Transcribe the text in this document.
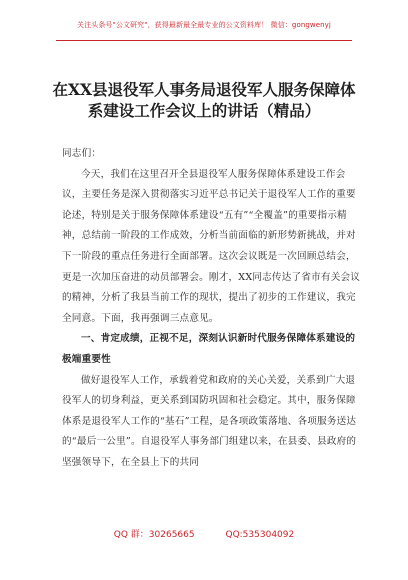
关注头条号"公文研究"，获得最新最全最专业的公文资料库！ 微信：gongwenyj
在XX县退役军人事务局退役军人服务保障体系建设工作会议上的讲话（精品）

同志们：

今天，我们在这里召开全县退役军人服务保障体系建设工作会议，主要任务是深入贯彻落实习近平总书记关于退役军人工作的重要论述，特别是关于服务保障体系建设“五有”“全覆盖”的重要指示精神，总结前一阶段的工作成效，分析当前面临的新形势新挑战，并对下一阶段的重点任务进行全面部署。这次会议既是一次回顾总结会，更是一次加压奋进的动员部署会。刚才，XX同志传达了省市有关会议的精神，分析了我县当前工作的现状，提出了初步的工作建议，我完全同意。下面，我再强调三点意见。

一、肯定成绩，正视不足，深刻认识新时代服务保障体系建设的极端重要性

做好退役军人工作，承载着党和政府的关心关爱，关系到广大退役军人的切身利益，更关系到国防巩固和社会稳定。其中，服务保障体系是退役军人工作的“基石”工程，是各项政策落地、各项服务送达的“最后一公里”。自退役军人事务部门组建以来，在县委、县政府的坚强领导下，在全县上下的共同

QQ 群：30265665	QQ:535304092
